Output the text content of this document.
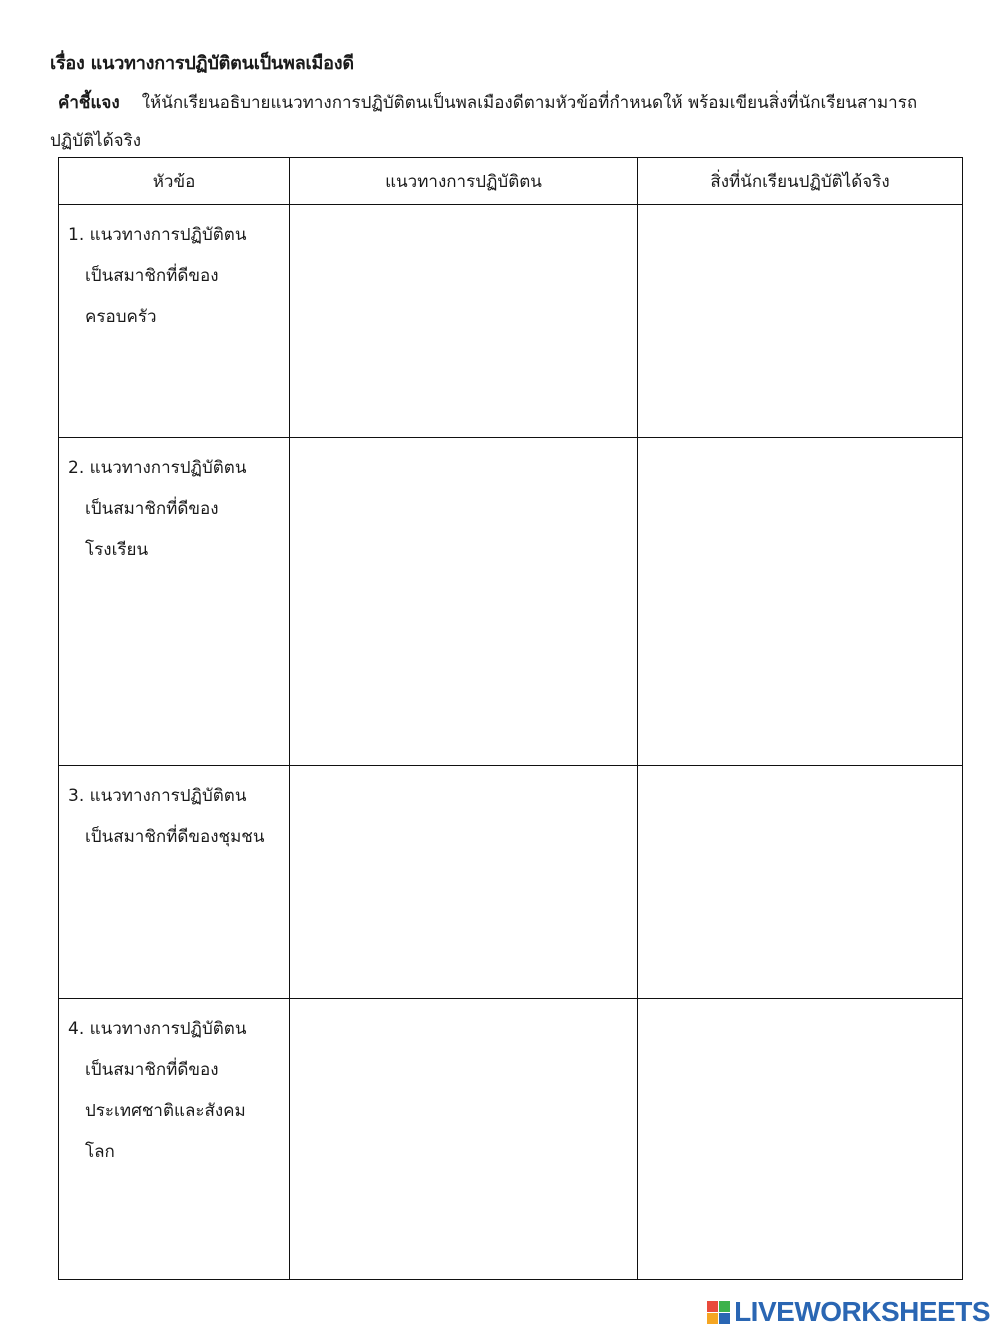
เรื่อง แนวทางการปฏิบัติตนเป็นพลเมืองดี
คำชี้แจง ให้นักเรียนอธิบายแนวทางการปฏิบัติตนเป็นพลเมืองดีตามหัวข้อที่กำหนดให้ พร้อมเขียนสิ่งที่นักเรียนสามารถปฏิบัติได้จริง
หัวข้อ	แนวทางการปฏิบัติตน	สิ่งที่นักเรียนปฏิบัติได้จริง

1. แนวทางการปฏิบัติตน
เป็นสมาชิกที่ดีของ
ครอบครัว		

2. แนวทางการปฏิบัติตน
เป็นสมาชิกที่ดีของ
โรงเรียน		

3. แนวทางการปฏิบัติตน
เป็นสมาชิกที่ดีของชุมชน		

4. แนวทางการปฏิบัติตน
เป็นสมาชิกที่ดีของ
ประเทศชาติและสังคม
โลก		

LIVEWORKSHEETS
